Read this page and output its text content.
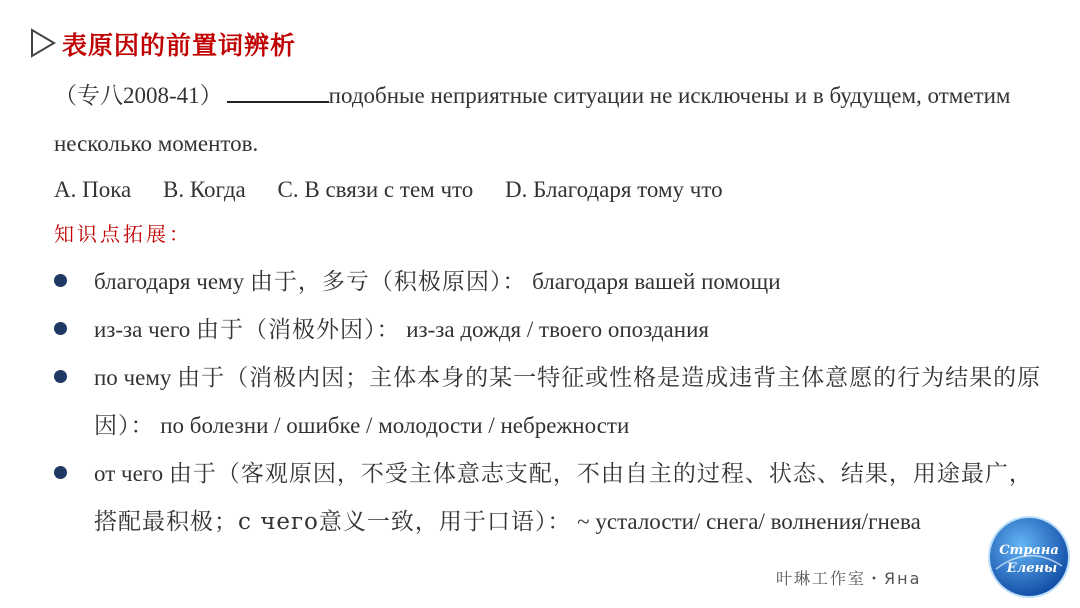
表原因的前置词辨析
（专八2008-41）	подобные неприятные ситуации не исключены и в будущем, отметим несколько моментов.
A. Пока B. Когда C. В связи с тем что D. Благодаря тому что
知识点拓展：

благодаря чему 由于，多亏（积极原因）： благодаря вашей помощи

из-за чего 由于（消极外因）： из-за дождя / твоего опоздания

по чему 由于（消极内因；主体本身的某一特征或性格是造成违背主体意愿的行为结果的原因）： по болезни / ошибке / молодости / небрежности

от чего 由于（客观原因，不受主体意志支配，不由自主的过程、状态、结果，用途最广，搭配最积极；с чего意义一致，用于口语）： ~ усталости/ снега/ волнения/гнева

叶琳工作室・Яна
Страна
Елены
